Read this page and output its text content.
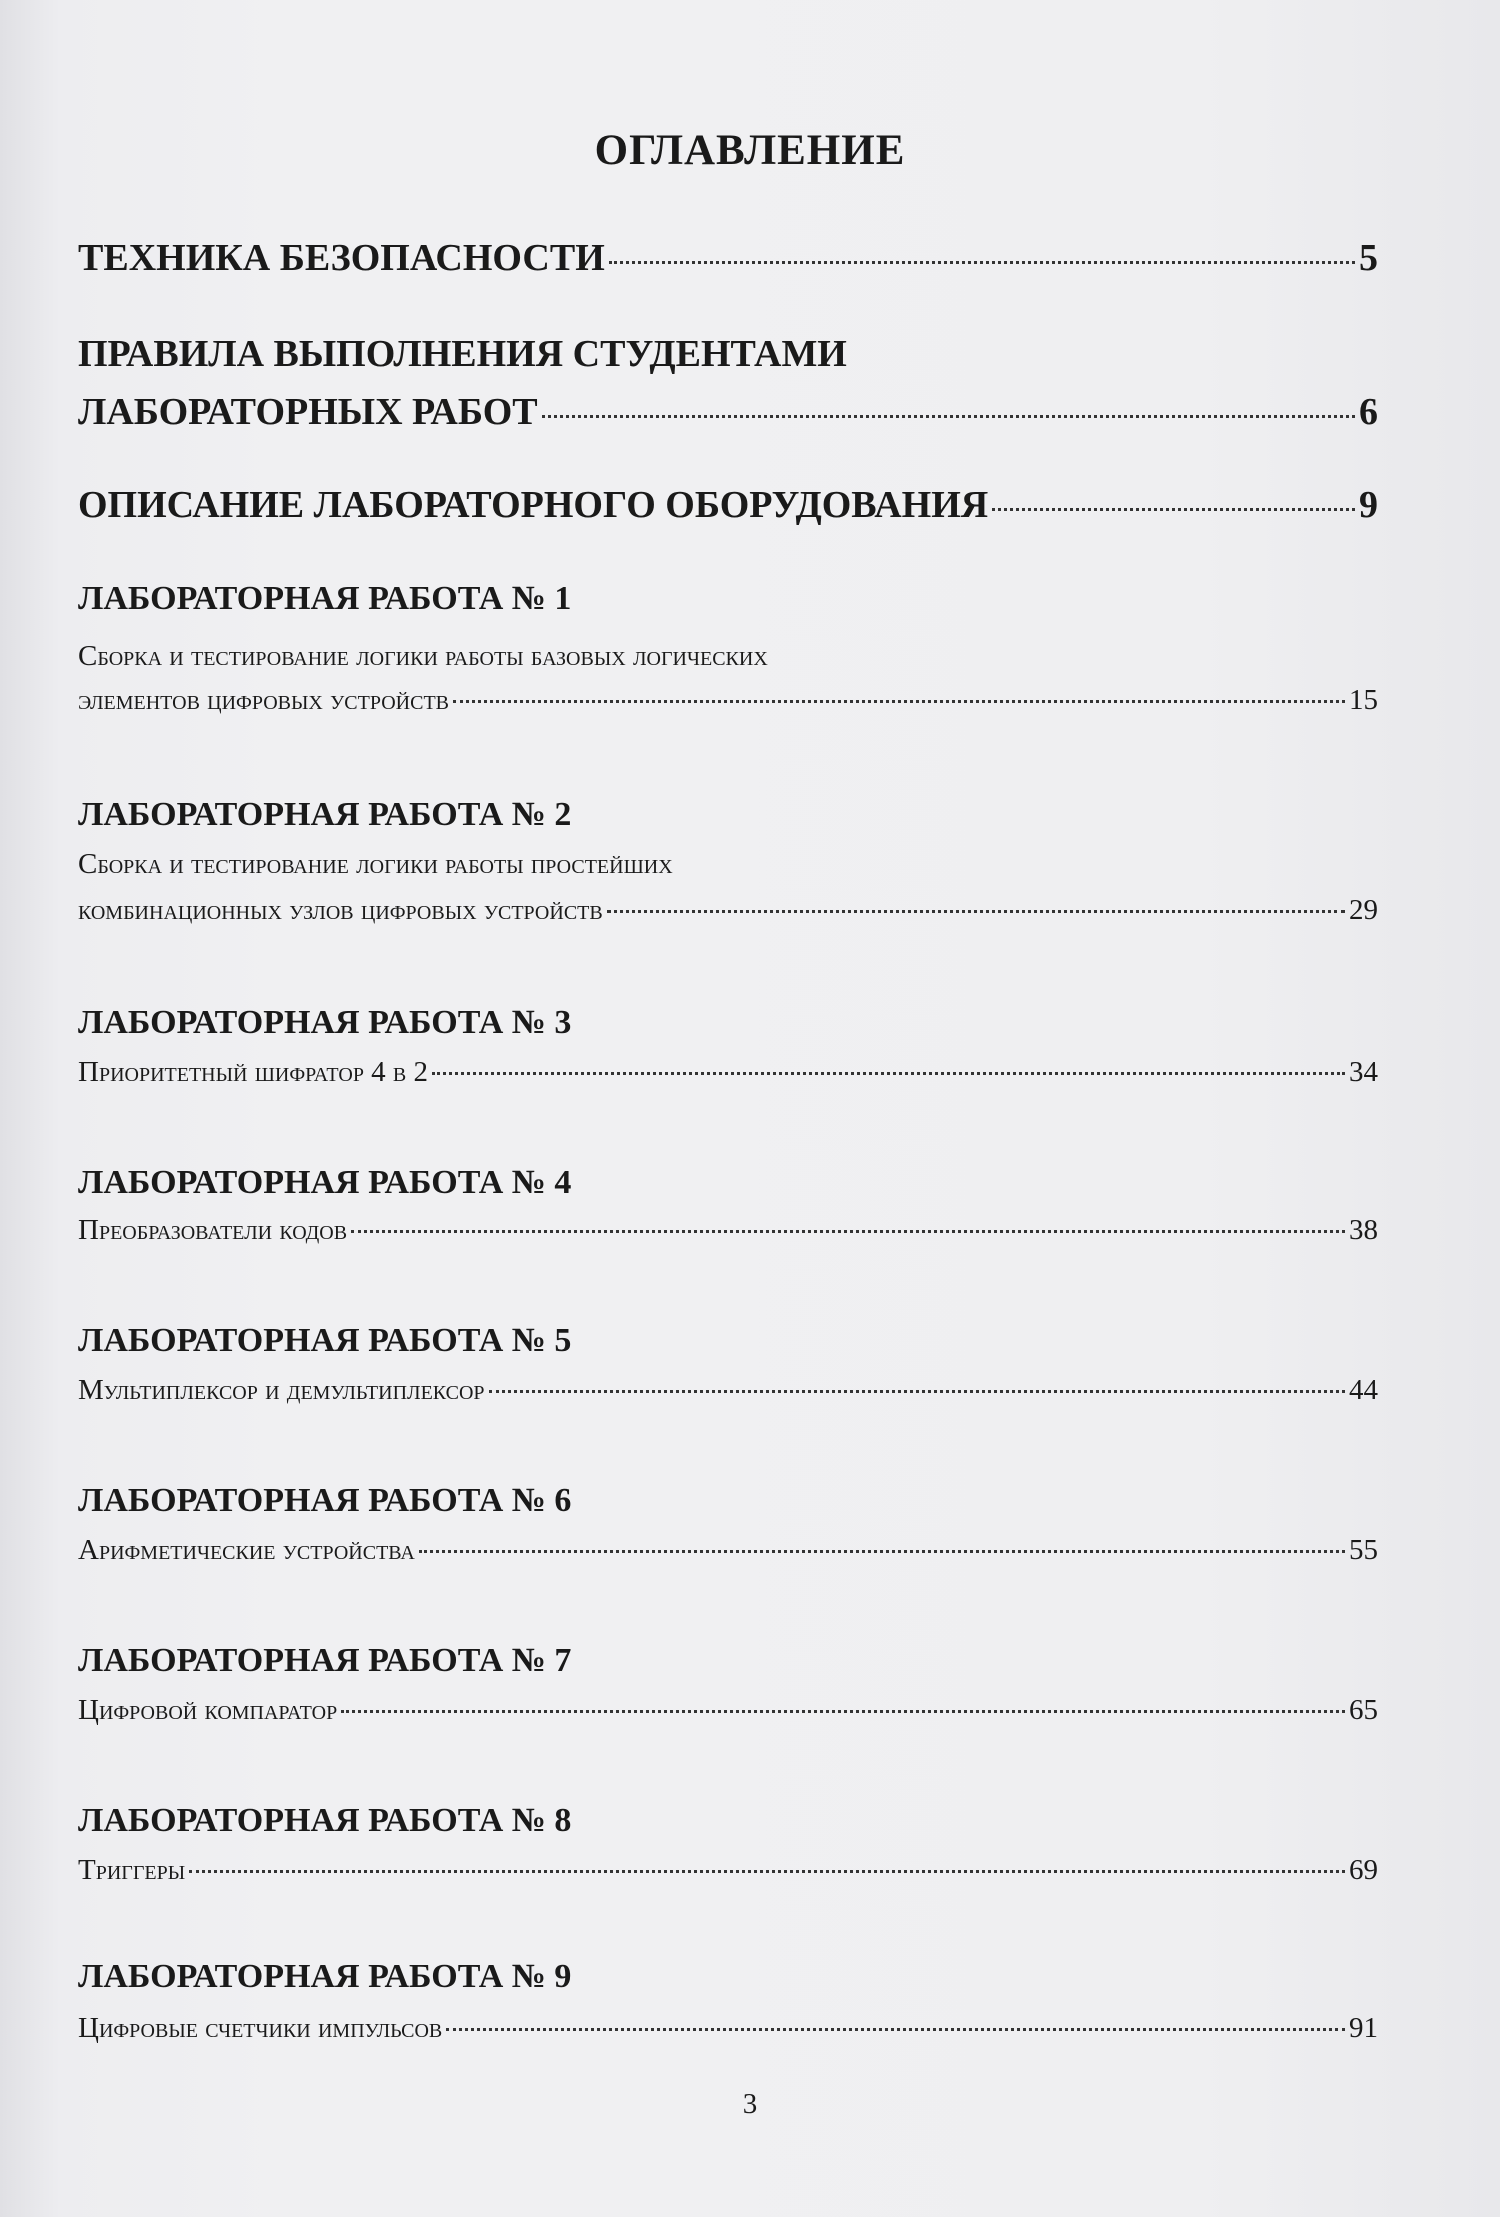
ОГЛАВЛЕНИЕ
ТЕХНИКА БЕЗОПАСНОСТИ	5
ПРАВИЛА ВЫПОЛНЕНИЯ СТУДЕНТАМИ
ЛАБОРАТОРНЫХ РАБОТ	6
ОПИСАНИЕ ЛАБОРАТОРНОГО ОБОРУДОВАНИЯ	9
ЛАБОРАТОРНАЯ РАБОТА № 1
Сборка и тестирование логики работы базовых логических
элементов цифровых устройств	15
ЛАБОРАТОРНАЯ РАБОТА № 2
Сборка и тестирование логики работы простейших
комбинационных узлов цифровых устройств	29
ЛАБОРАТОРНАЯ РАБОТА № 3
Приоритетный шифратор 4 в 2	34
ЛАБОРАТОРНАЯ РАБОТА № 4
Преобразователи кодов	38
ЛАБОРАТОРНАЯ РАБОТА № 5
Мультиплексор и демультиплексор	44
ЛАБОРАТОРНАЯ РАБОТА № 6
Арифметические устройства	55
ЛАБОРАТОРНАЯ РАБОТА № 7
Цифровой компаратор	65
ЛАБОРАТОРНАЯ РАБОТА № 8
Триггеры	69
ЛАБОРАТОРНАЯ РАБОТА № 9
Цифровые счетчики импульсов	91
3
